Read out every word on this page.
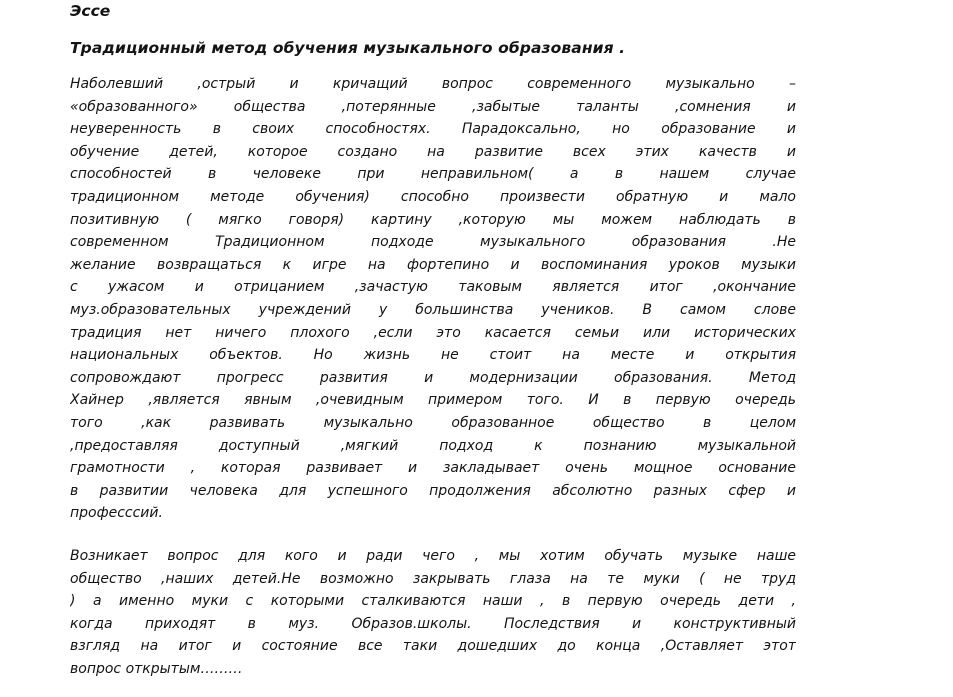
Эссе

Традиционный метод обучения музыкального образования .

Наболевший ,острый и кричащий вопрос современного музыкально –
«образованного» общества ,потерянные ,забытые таланты ,сомнения и
неуверенность в своих способностях. Парадоксально, но образование и
обучение детей, которое создано на развитие всех этих качеств и
способностей в человеке при неправильном( а в нашем случае
традиционном методе обучения) способно произвести обратную и мало
позитивную ( мягко говоря) картину ,которую мы можем наблюдать в
современном Традиционном подходе музыкального образования .Не
желание возвращаться к игре на фортепино и воспоминания уроков музыки
с ужасом и отрицанием ,зачастую таковым является итог ,окончание
муз.образовательных учреждений у большинства учеников. В самом слове
традиция нет ничего плохого ,если это касается семьи или исторических
национальных объектов. Но жизнь не стоит на месте и открытия
сопровождают прогресс развития и модернизации образования. Метод
Хайнер ,является явным ,очевидным примером того. И в первую очередь
того ,как развивать музыкально образованное общество в целом
,предоставляя доступный ,мягкий подход к познанию музыкальной
грамотности , которая развивает и закладывает очень мощное основание
в развитии человека для успешного продолжения абсолютно разных сфер и
професссий.
Возникает вопрос для кого и ради чего , мы хотим обучать музыке наше
общество ,наших детей.Не возможно закрывать глаза на те муки ( не труд
) а именно муки с которыми сталкиваются наши , в первую очередь дети ,
когда приходят в муз. Образов.школы. Последствия и конструктивный
взгляд на итог и состояние все таки дошедших до конца ,Оставляет этот
вопрос открытым………
